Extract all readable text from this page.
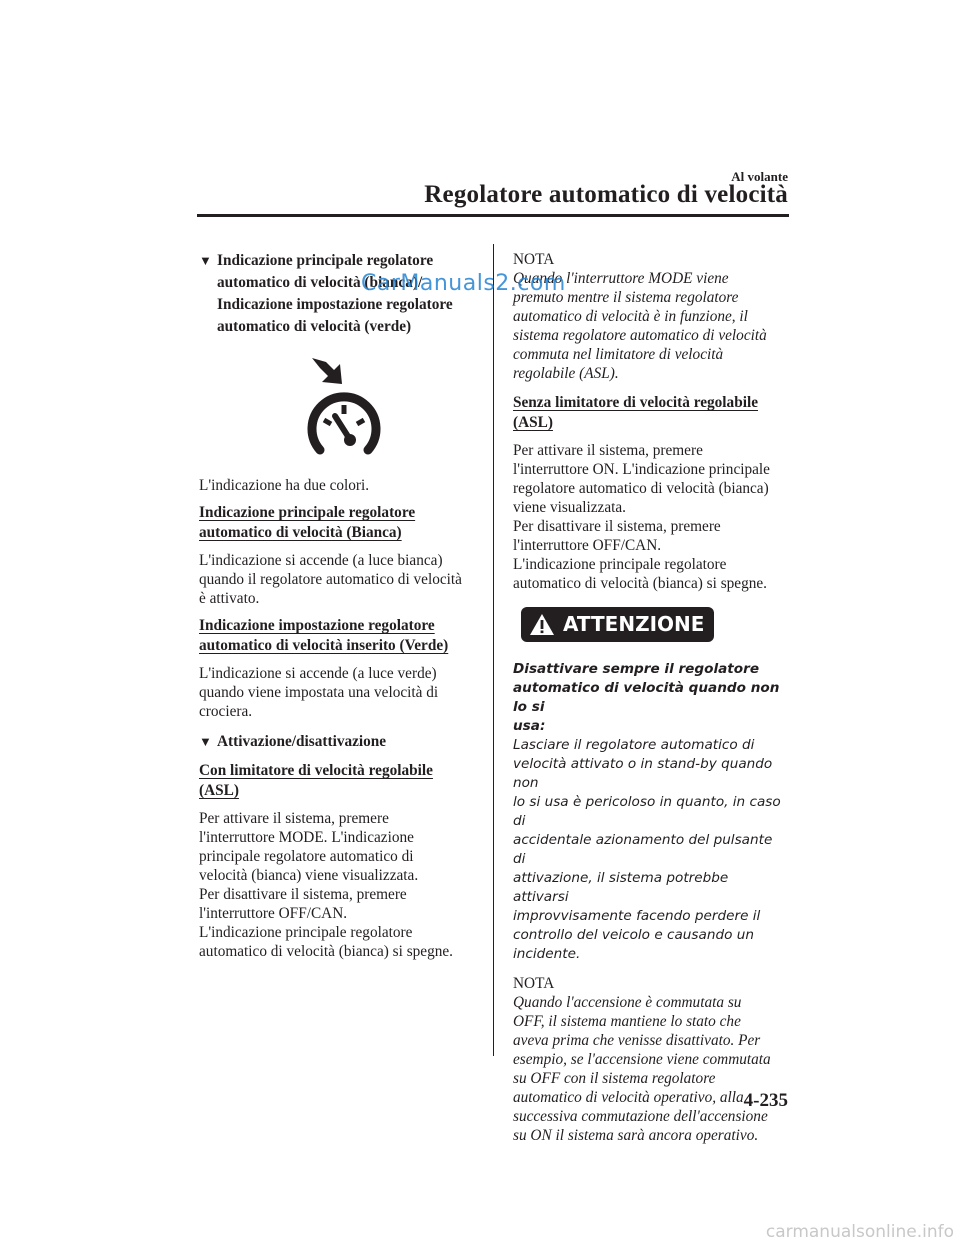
Al volante
Regolatore automatico di velocità
▼ Indicazione principale regolatore
automatico di velocità (bianca)/
Indicazione impostazione regolatore
automatico di velocità (verde)

L'indicazione ha due colori.

Indicazione principale regolatore
automatico di velocità (Bianca)

L'indicazione si accende (a luce bianca)
quando il regolatore automatico di velocità
è attivato.

Indicazione impostazione regolatore
automatico di velocità inserito (Verde)

L'indicazione si accende (a luce verde)
quando viene impostata una velocità di
crociera.

▼ Attivazione/disattivazione
Con limitatore di velocità regolabile
(ASL)

Per attivare il sistema, premere
l'interruttore MODE. L'indicazione
principale regolatore automatico di
velocità (bianca) viene visualizzata.
Per disattivare il sistema, premere
l'interruttore OFF/CAN.
L'indicazione principale regolatore
automatico di velocità (bianca) si spegne.

NOTA

Quando l'interruttore MODE viene
premuto mentre il sistema regolatore
automatico di velocità è in funzione, il
sistema regolatore automatico di velocità
commuta nel limitatore di velocità
regolabile (ASL).

Senza limitatore di velocità regolabile
(ASL)

Per attivare il sistema, premere
l'interruttore ON. L'indicazione principale
regolatore automatico di velocità (bianca)
viene visualizzata.
Per disattivare il sistema, premere
l'interruttore OFF/CAN.
L'indicazione principale regolatore
automatico di velocità (bianca) si spegne.

ATTENZIONE
Disattivare sempre il regolatore
automatico di velocità quando non lo si
usa:
Lasciare il regolatore automatico di
velocità attivato o in stand-by quando non
lo si usa è pericoloso in quanto, in caso di
accidentale azionamento del pulsante di
attivazione, il sistema potrebbe attivarsi
improvvisamente facendo perdere il
controllo del veicolo e causando un
incidente.
NOTA

Quando l'accensione è commutata su
OFF, il sistema mantiene lo stato che
aveva prima che venisse disattivato. Per
esempio, se l'accensione viene commutata
su OFF con il sistema regolatore
automatico di velocità operativo, alla
successiva commutazione dell'accensione
su ON il sistema sarà ancora operativo.

4-235
CarManuals2.com
carmanualsonline.info
